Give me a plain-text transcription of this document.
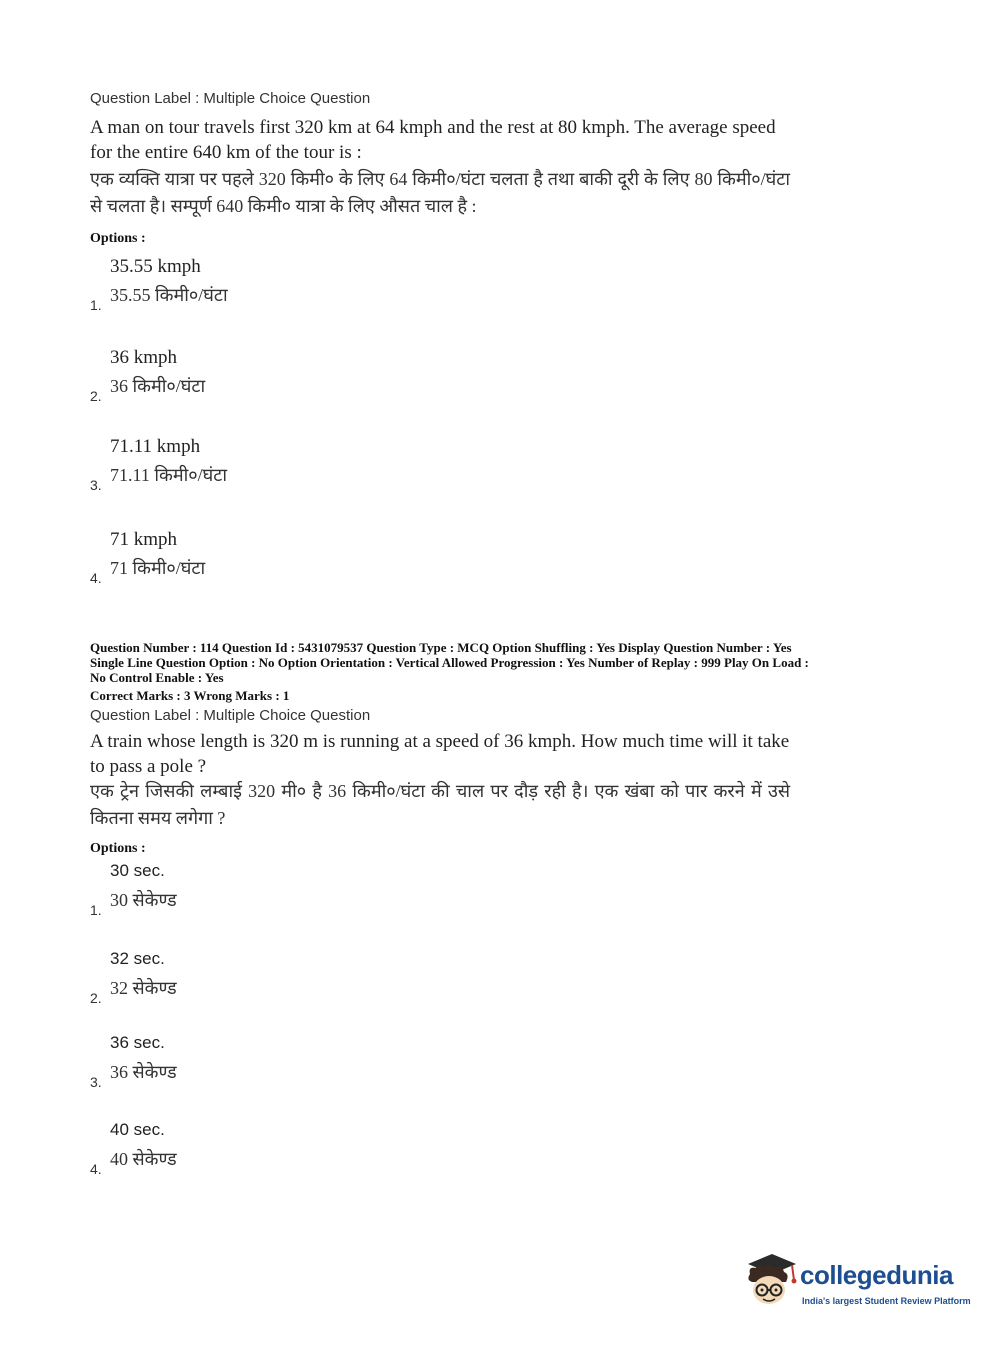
Question Label : Multiple Choice Question
A man on tour travels first 320 km at 64 kmph and the rest at 80 kmph. The average speed for the entire 640 km of the tour is :
एक व्यक्ति यात्रा पर पहले 320 किमी० के लिए 64 किमी०/घंटा चलता है तथा बाकी दूरी के लिए 80 किमी०/घंटा से चलता है। सम्पूर्ण 640 किमी० यात्रा के लिए औसत चाल है :
Options :
35.55 kmph
35.55 किमी०/घंटा
1.
36 kmph
36 किमी०/घंटा
2.
71.11 kmph
71.11 किमी०/घंटा
3.
71 kmph
71 किमी०/घंटा
4.
Question Number : 114 Question Id : 5431079537 Question Type : MCQ Option Shuffling : Yes Display Question Number : Yes
Single Line Question Option : No Option Orientation : Vertical Allowed Progression : Yes Number of Replay : 999 Play On Load :
No Control Enable : Yes
Correct Marks : 3 Wrong Marks : 1
Question Label : Multiple Choice Question
A train whose length is 320 m is running at a speed of 36 kmph. How much time will it take to pass a pole ?
एक ट्रेन जिसकी लम्बाई 320 मी० है 36 किमी०/घंटा की चाल पर दौड़ रही है। एक खंबा को पार करने में उसे कितना समय लगेगा ?
Options :
30 sec.
30 सेकेण्ड
1.
32 sec.
32 सेकेण्ड
2.
36 sec.
36 सेकेण्ड
3.
40 sec.
40 सेकेण्ड
4.
collegedunia
India's largest Student Review Platform
